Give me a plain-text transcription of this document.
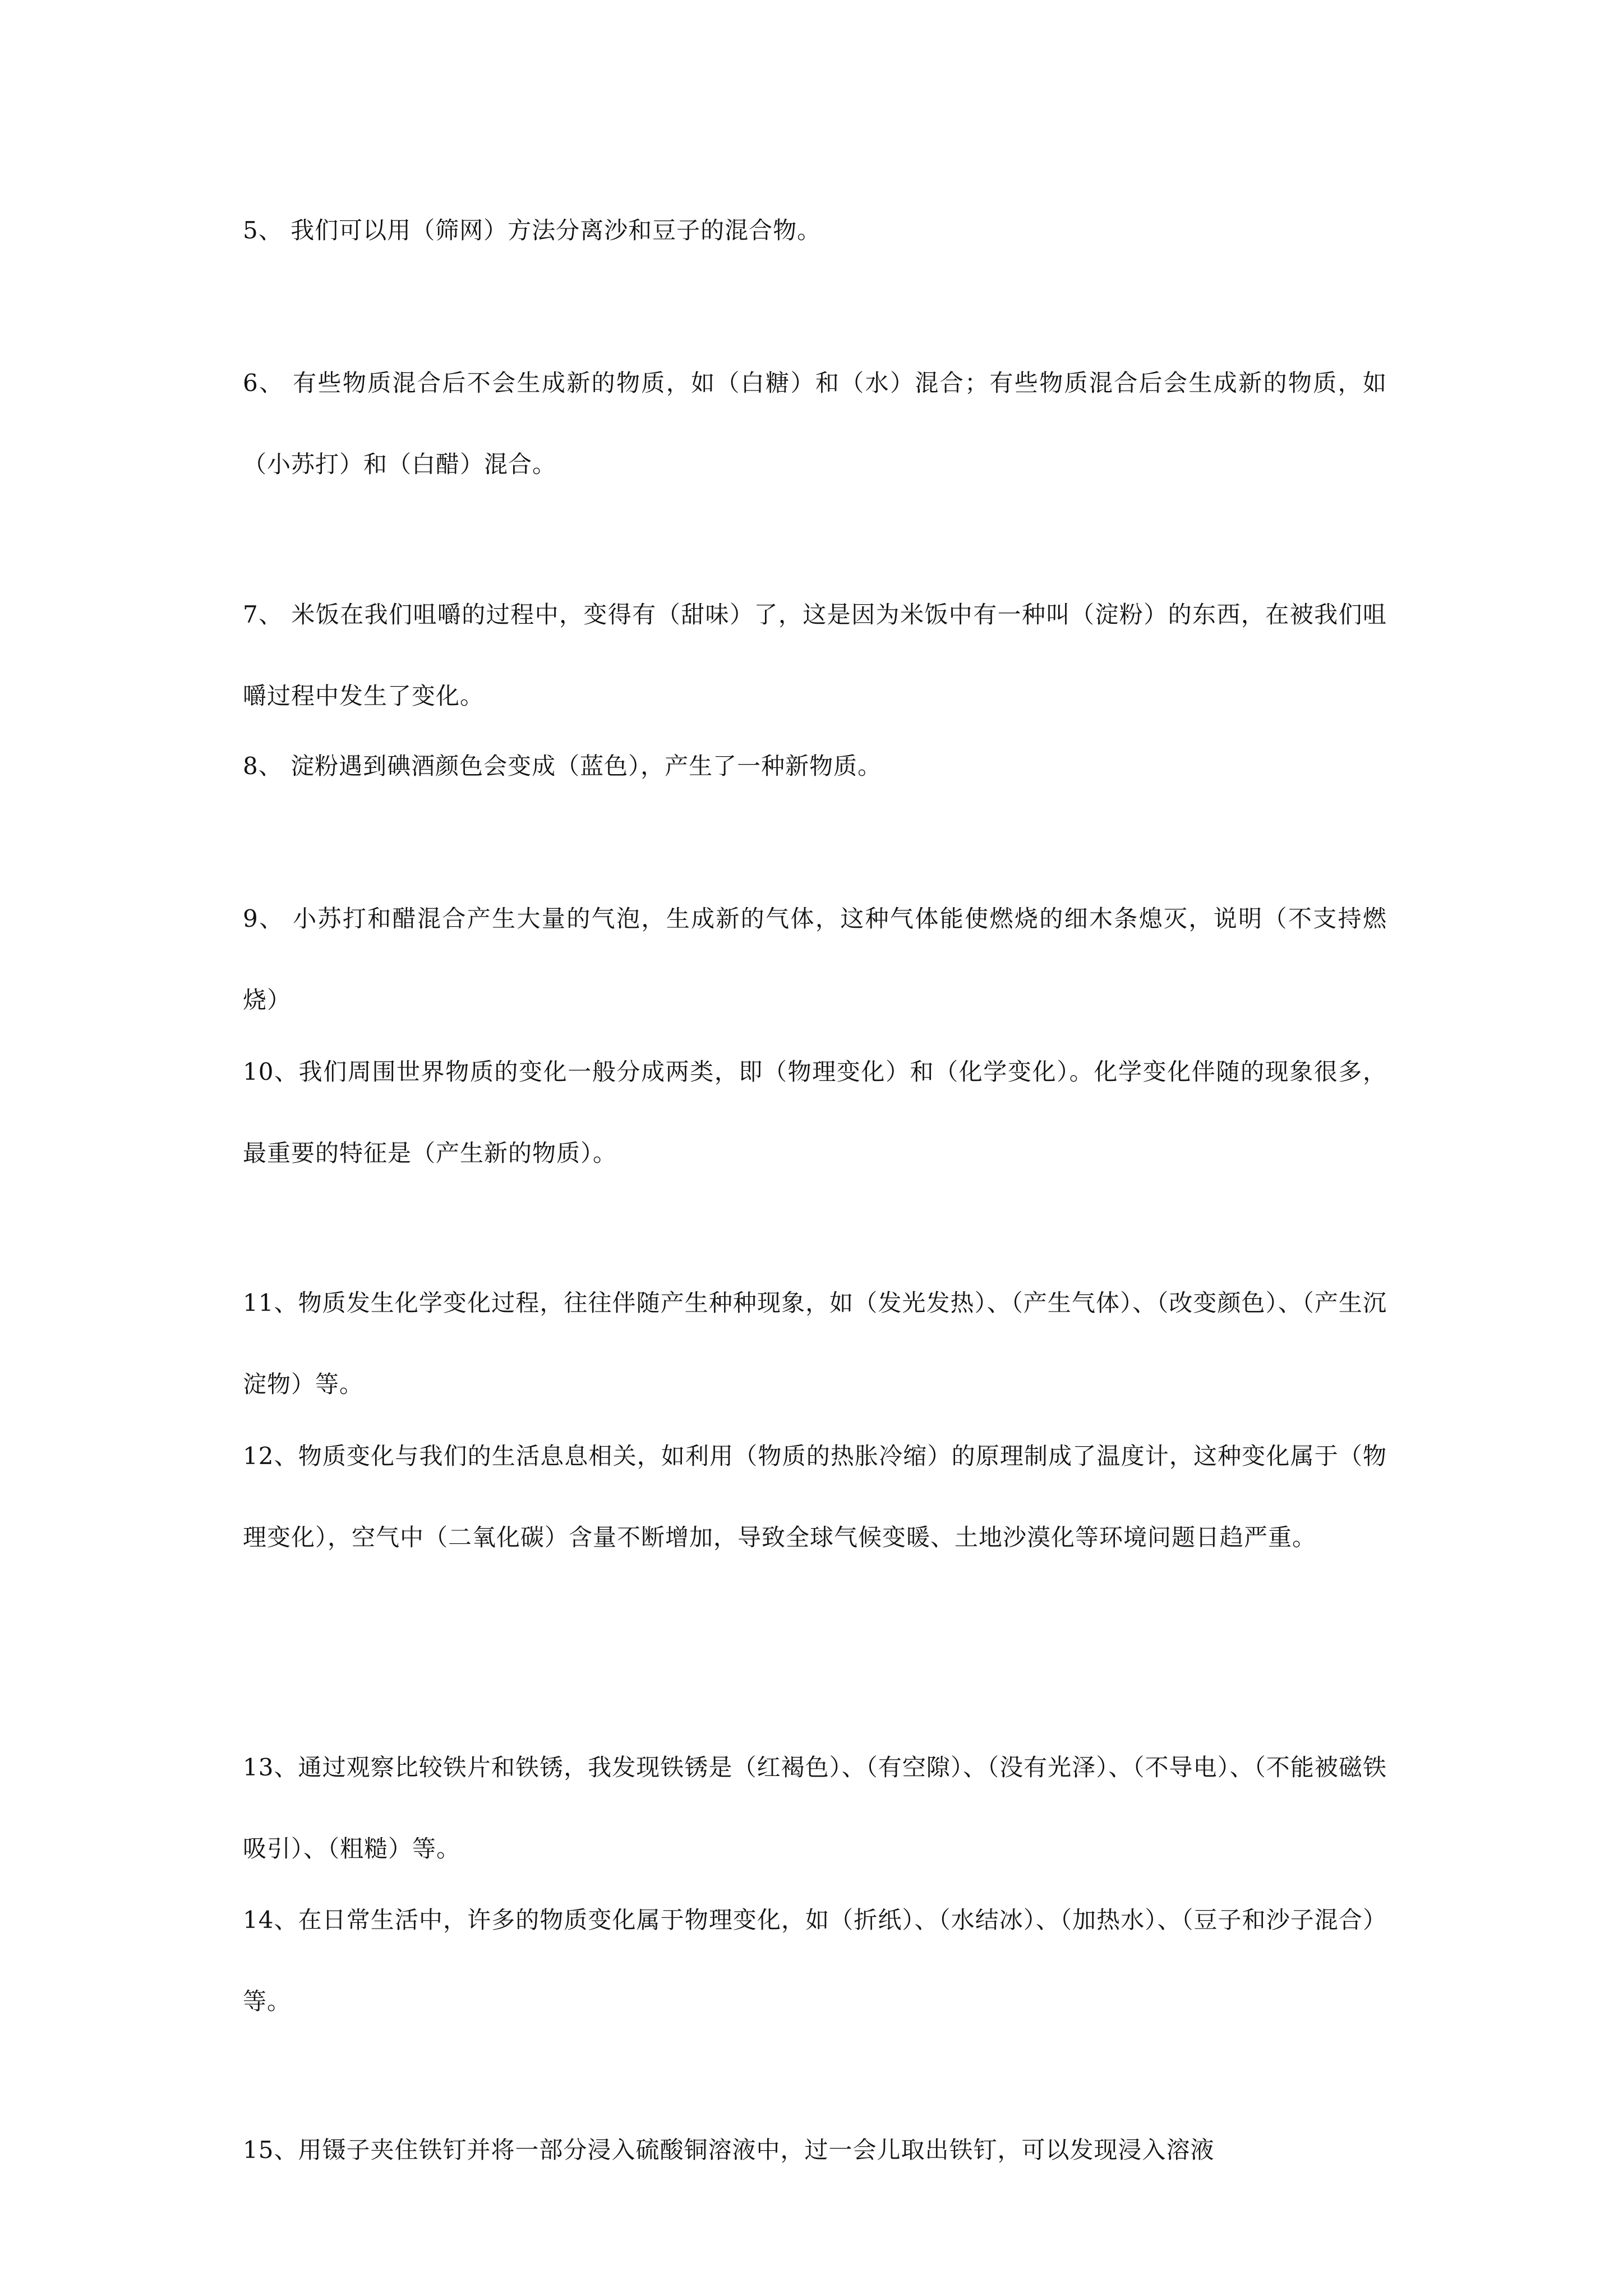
5、 我们可以用（筛网）方法分离沙和豆子的混合物。

6、 有些物质混合后不会生成新的物质，如（白糖）和（水）混合；有些物质混合后会生成新的物质，如（小苏打）和（白醋）混合。

7、 米饭在我们咀嚼的过程中，变得有（甜味）了，这是因为米饭中有一种叫（淀粉）的东西，在被我们咀嚼过程中发生了变化。

8、 淀粉遇到碘酒颜色会变成（蓝色），产生了一种新物质。

9、 小苏打和醋混合产生大量的气泡，生成新的气体，这种气体能使燃烧的细木条熄灭，说明（不支持燃烧）

10、我们周围世界物质的变化一般分成两类，即（物理变化）和（化学变化）。化学变化伴随的现象很多，最重要的特征是（产生新的物质）。

11、物质发生化学变化过程，往往伴随产生种种现象，如（发光发热）、（产生气体）、（改变颜色）、（产生沉淀物）等。

12、物质变化与我们的生活息息相关，如利用（物质的热胀冷缩）的原理制成了温度计，这种变化属于（物理变化），空气中（二氧化碳）含量不断增加，导致全球气候变暖、土地沙漠化等环境问题日趋严重。

13、通过观察比较铁片和铁锈，我发现铁锈是（红褐色）、（有空隙）、（没有光泽）、（不导电）、（不能被磁铁吸引）、（粗糙）等。

14、在日常生活中，许多的物质变化属于物理变化，如（折纸）、（水结冰）、（加热水）、（豆子和沙子混合）等。

15、用镊子夹住铁钉并将一部分浸入硫酸铜溶液中，过一会儿取出铁钉，可以发现浸入溶液
